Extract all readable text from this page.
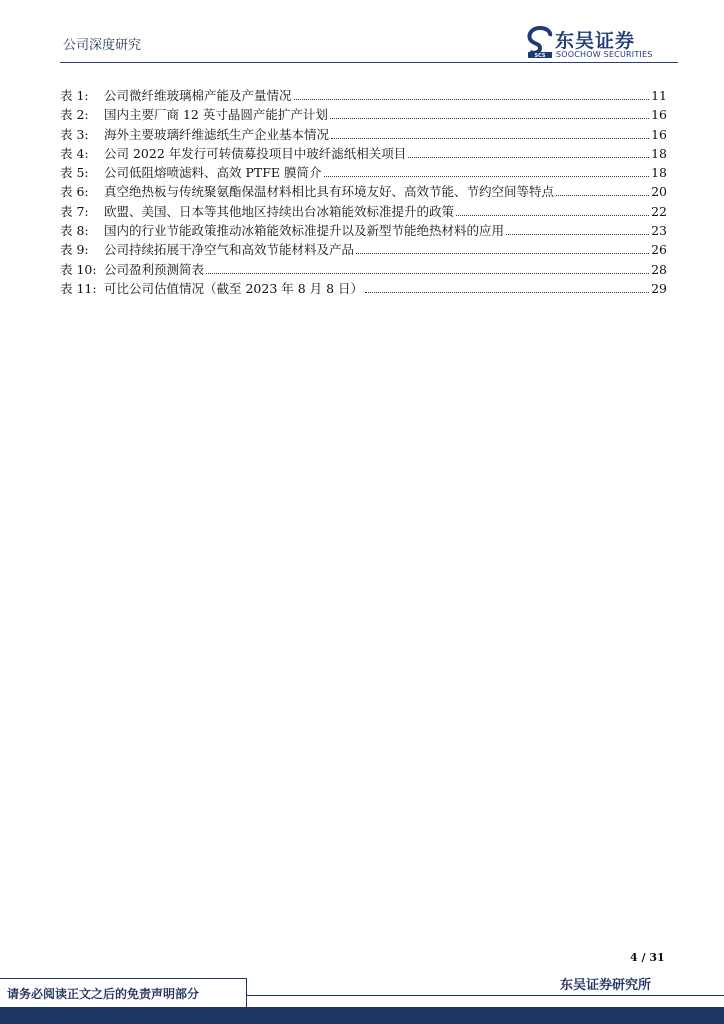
公司深度研究
SCS
东吴证券
SOOCHOW SECURITIES
表 1:	公司微纤维玻璃棉产能及产量情况	11
表 2:	国内主要厂商 12 英寸晶圆产能扩产计划	16
表 3:	海外主要玻璃纤维滤纸生产企业基本情况	16
表 4:	公司 2022 年发行可转债募投项目中玻纤滤纸相关项目	18
表 5:	公司低阻熔喷滤料、高效 PTFE 膜简介	18
表 6:	真空绝热板与传统聚氨酯保温材料相比具有环境友好、高效节能、节约空间等特点	20
表 7:	欧盟、美国、日本等其他地区持续出台冰箱能效标准提升的政策	22
表 8:	国内的行业节能政策推动冰箱能效标准提升以及新型节能绝热材料的应用	23
表 9:	公司持续拓展干净空气和高效节能材料及产品	26
表 10: 公司盈利预测简表	28
表 11: 可比公司估值情况（截至 2023 年 8 月 8 日）	29
4 / 31
请务必阅读正文之后的免责声明部分
东吴证券研究所
